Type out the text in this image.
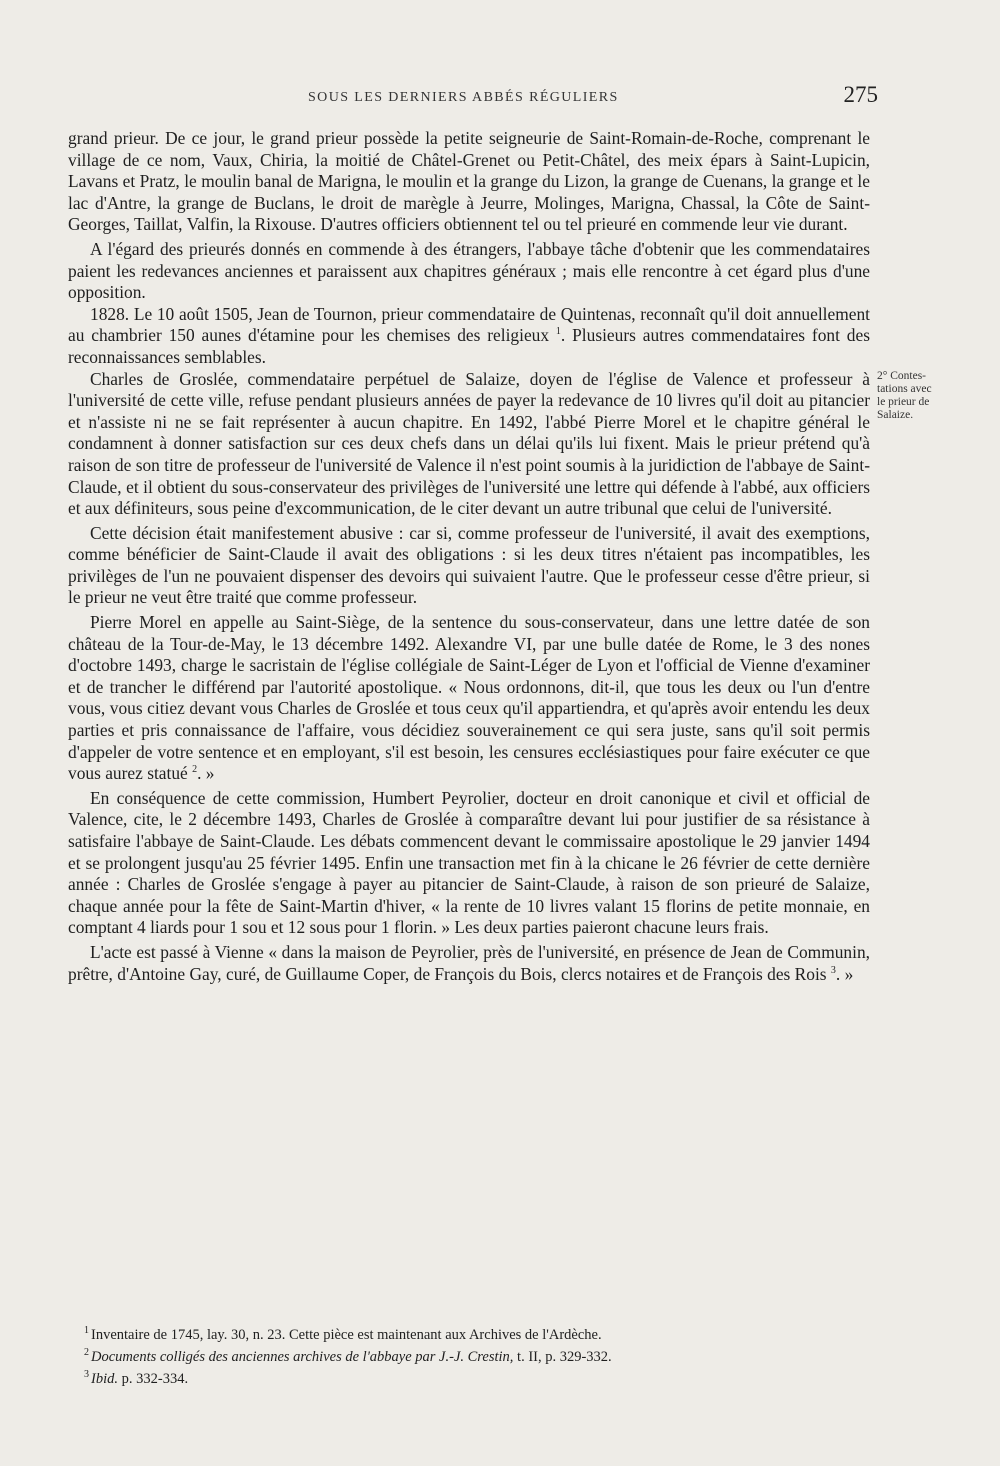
SOUS LES DERNIERS ABBÉS RÉGULIERS	275

grand prieur. De ce jour, le grand prieur possède la petite seigneurie de Saint-Romain-de-Roche, comprenant le village de ce nom, Vaux, Chiria, la moitié de Châtel-Grenet ou Petit-Châtel, des meix épars à Saint-Lupicin, Lavans et Pratz, le moulin banal de Marigna, le moulin et la grange du Lizon, la grange de Cuenans, la grange et le lac d'Antre, la grange de Buclans, le droit de marègle à Jeurre, Molinges, Marigna, Chassal, la Côte de Saint-Georges, Taillat, Valfin, la Rixouse. D'autres officiers obtiennent tel ou tel prieuré en commende leur vie durant.

A l'égard des prieurés donnés en commende à des étrangers, l'abbaye tâche d'obtenir que les commendataires paient les redevances anciennes et paraissent aux chapitres généraux ; mais elle rencontre à cet égard plus d'une opposition.

1828. Le 10 août 1505, Jean de Tournon, prieur commendataire de Quintenas, reconnaît qu'il doit annuellement au chambrier 150 aunes d'étamine pour les chemises des religieux $^1$. Plusieurs autres commendataires font des reconnaissances semblables.

Charles de Groslée, commendataire perpétuel de Salaize, doyen de l'église de Valence et professeur à l'université de cette ville, refuse pendant plusieurs années de payer la redevance de 10 livres qu'il doit au pitancier et n'assiste ni ne se fait représenter à aucun chapitre. En 1492, l'abbé Pierre Morel et le chapitre général le condamnent à donner satisfaction sur ces deux chefs dans un délai qu'ils lui fixent. Mais le prieur prétend qu'à raison de son titre de professeur de l'université de Valence il n'est point soumis à la juridiction de l'abbaye de Saint-Claude, et il obtient du sous-conservateur des privilèges de l'université une lettre qui défende à l'abbé, aux officiers et aux définiteurs, sous peine d'excommunication, de le citer devant un autre tribunal que celui de l'université.

Cette décision était manifestement abusive : car si, comme professeur de l'université, il avait des exemptions, comme bénéficier de Saint-Claude il avait des obligations : si les deux titres n'étaient pas incompatibles, les privilèges de l'un ne pouvaient dispenser des devoirs qui suivaient l'autre. Que le professeur cesse d'être prieur, si le prieur ne veut être traité que comme professeur.

Pierre Morel en appelle au Saint-Siège, de la sentence du sous-conservateur, dans une lettre datée de son château de la Tour-de-May, le 13 décembre 1492. Alexandre VI, par une bulle datée de Rome, le 3 des nones d'octobre 1493, charge le sacristain de l'église collégiale de Saint-Léger de Lyon et l'official de Vienne d'examiner et de trancher le différend par l'autorité apostolique. « Nous ordonnons, dit-il, que tous les deux ou l'un d'entre vous, vous citiez devant vous Charles de Groslée et tous ceux qu'il appartiendra, et qu'après avoir entendu les deux parties et pris connaissance de l'affaire, vous décidiez souverainement ce qui sera juste, sans qu'il soit permis d'appeler de votre sentence et en employant, s'il est besoin, les censures ecclésiastiques pour faire exécuter ce que vous aurez statué $^2$. »

En conséquence de cette commission, Humbert Peyrolier, docteur en droit canonique et civil et official de Valence, cite, le 2 décembre 1493, Charles de Groslée à comparaître devant lui pour justifier de sa résistance à satisfaire l'abbaye de Saint-Claude. Les débats commencent devant le commissaire apostolique le 29 janvier 1494 et se prolongent jusqu'au 25 février 1495. Enfin une transaction met fin à la chicane le 26 février de cette dernière année : Charles de Groslée s'engage à payer au pitancier de Saint-Claude, à raison de son prieuré de Salaize, chaque année pour la fête de Saint-Martin d'hiver, « la rente de 10 livres valant 15 florins de petite monnaie, en comptant 4 liards pour 1 sou et 12 sous pour 1 florin. » Les deux parties paieront chacune leurs frais.

L'acte est passé à Vienne « dans la maison de Peyrolier, près de l'université, en présence de Jean de Communin, prêtre, d'Antoine Gay, curé, de Guillaume Coper, de François du Bois, clercs notaires et de François des Rois $^3$. »

2° Contes-
tations avec
le prieur de
Salaize.
$^1$ Inventaire de 1745, lay. 30, n. 23. Cette pièce est maintenant aux Archives de l'Ardèche.
$^2$ Documents colligés des anciennes archives de l'abbaye par J.-J. Crestin, t. II, p. 329-332.
$^3$ Ibid. p. 332-334.
